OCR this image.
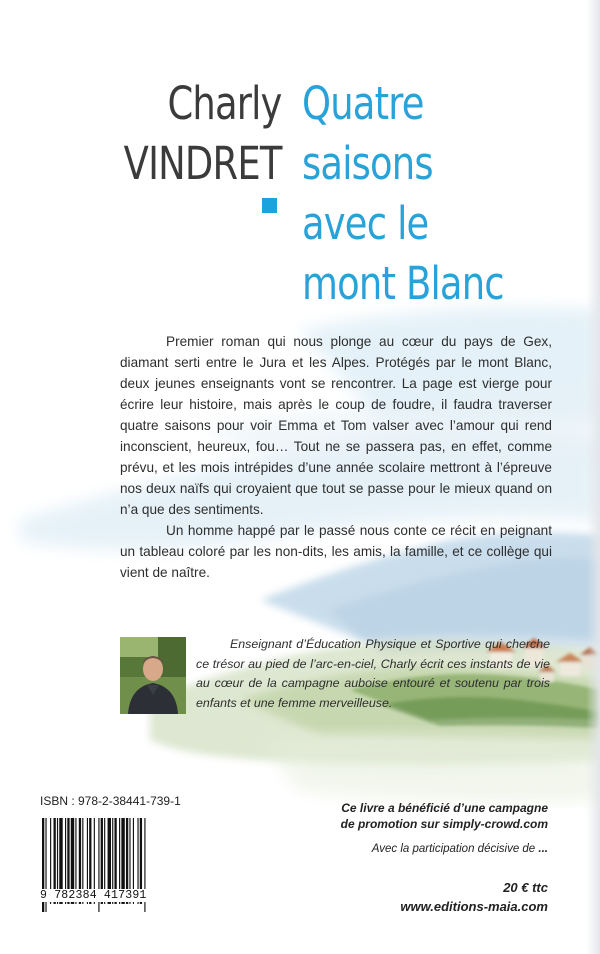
Charly
VINDRET
Quatre
saisons
avec le
mont Blanc

Premier roman qui nous plonge au cœur du pays de Gex, diamant serti entre le Jura et les Alpes. Protégés par le mont Blanc, deux jeunes enseignants vont se rencontrer. La page est vierge pour écrire leur histoire, mais après le coup de foudre, il faudra traverser quatre saisons pour voir Emma et Tom valser avec l’amour qui rend inconscient, heureux, fou… Tout ne se passera pas, en effet, comme prévu, et les mois intrépides d’une année scolaire mettront à l’épreuve nos deux naïfs qui croyaient que tout se passe pour le mieux quand on n’a que des sentiments.

Un homme happé par le passé nous conte ce récit en peignant un tableau coloré par les non-dits, les amis, la famille, et ce collège qui vient de naître.

Enseignant d’Éducation Physique et Sportive qui cherche ce trésor au pied de l’arc-en-ciel, Charly écrit ces instants de vie au cœur de la campagne auboise entouré et soutenu par trois enfants et une femme merveilleuse.

ISBN : 978-2-38441-739-1
9 782384 417391
Ce livre a bénéficié d’une campagne
de promotion sur simply-crowd.com
Avec la participation décisive de ...
20 € ttc
www.editions-maia.com
